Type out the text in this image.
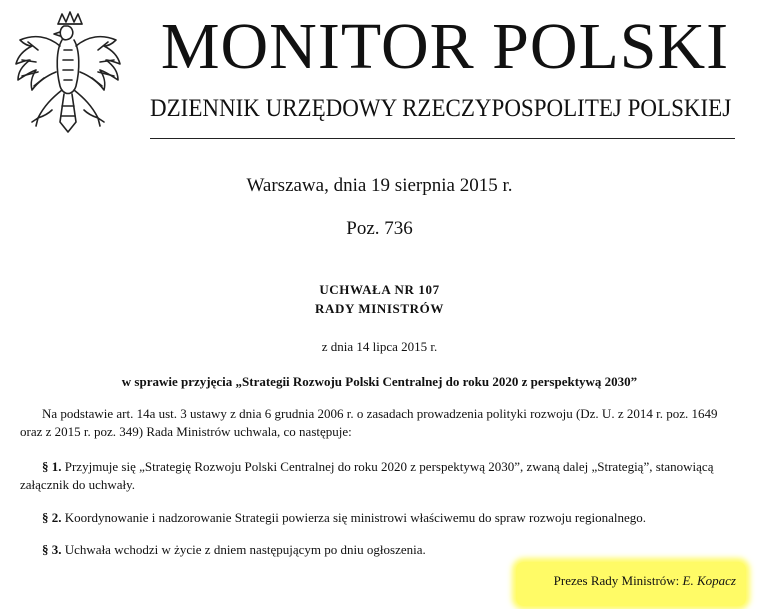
MONITOR POLSKI
DZIENNIK URZĘDOWY RZECZYPOSPOLITEJ POLSKIEJ
Warszawa, dnia 19 sierpnia 2015 r.
Poz. 736
UCHWAŁA NR 107
RADY MINISTRÓW
z dnia 14 lipca 2015 r.
w sprawie przyjęcia „Strategii Rozwoju Polski Centralnej do roku 2020 z perspektywą 2030”
Na podstawie art. 14a ust. 3 ustawy z dnia 6 grudnia 2006 r. o zasadach prowadzenia polityki rozwoju (Dz. U. z 2014 r. poz. 1649 oraz z 2015 r. poz. 349) Rada Ministrów uchwala, co następuje:
§ 1. Przyjmuje się „Strategię Rozwoju Polski Centralnej do roku 2020 z perspektywą 2030”, zwaną dalej „Strategią”, stanowiącą załącznik do uchwały.
§ 2. Koordynowanie i nadzorowanie Strategii powierza się ministrowi właściwemu do spraw rozwoju regionalnego.
§ 3. Uchwała wchodzi w życie z dniem następującym po dniu ogłoszenia.
Prezes Rady Ministrów: E. Kopacz
